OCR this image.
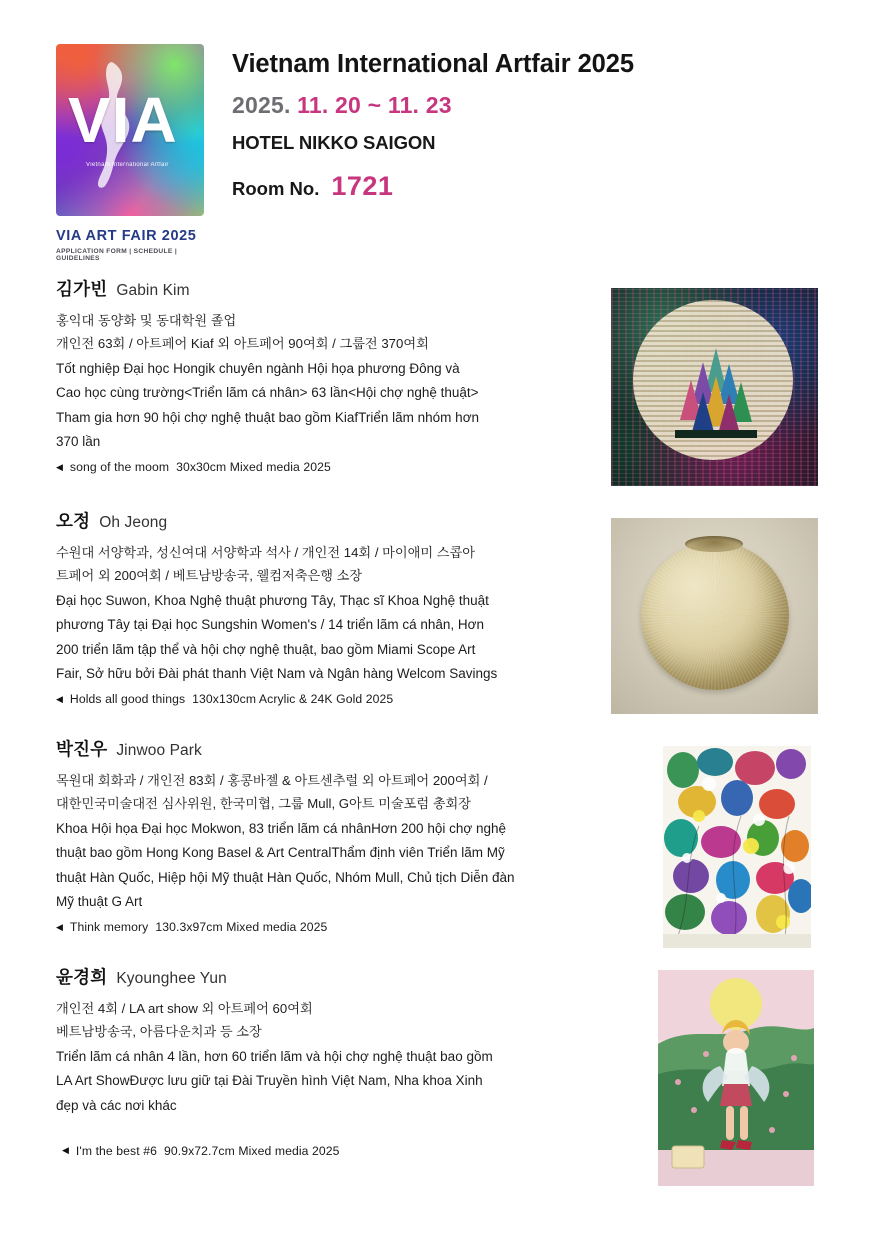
VIA
Vietnam International Artfair
VIA ART FAIR 2025
APPLICATION FORM | SCHEDULE | GUIDELINES
Vietnam International Artfair 2025
2025. 11. 20 ~ 11. 23
HOTEL NIKKO SAIGON
Room No. 1721
김가빈 Gabin Kim
홍익대 동양화 및 동대학원 졸업
개인전 63회 / 아트페어 Kiaf 외 아트페어 90여회 / 그룹전 370여회
Tốt nghiệp Đại học Hongik chuyên ngành Hội họa phương Đông và
Cao học cùng trường<Triển lãm cá nhân> 63 lần<Hội chợ nghệ thuật>
Tham gia hơn 90 hội chợ nghệ thuật bao gồm KiafTriển lãm nhóm hơn
370 lần
◀ song of the moom 30x30cm Mixed media 2025
오정 Oh Jeong
수원대 서양학과, 성신여대 서양학과 석사 / 개인전 14회 / 마이애미 스콥아
트페어 외 200여회 / 베트남방송국, 웰컴저축은행 소장
Đại học Suwon, Khoa Nghệ thuật phương Tây, Thạc sĩ Khoa Nghệ thuật
phương Tây tại Đại học Sungshin Women's / 14 triển lãm cá nhân, Hơn
200 triển lãm tập thể và hội chợ nghệ thuật, bao gồm Miami Scope Art
Fair, Sở hữu bởi Đài phát thanh Việt Nam và Ngân hàng Welcom Savings
◀ Holds all good things 130x130cm Acrylic & 24K Gold 2025
박진우 Jinwoo Park
목원대 회화과 / 개인전 83회 / 홍콩바젤 & 아트센추럴 외 아트페어 200여회 /
대한민국미술대전 심사위원, 한국미협, 그룹 Mull, G아트 미술포럼 총회장
Khoa Hội họa Đại học Mokwon, 83 triển lãm cá nhânHơn 200 hội chợ nghệ
thuật bao gồm Hong Kong Basel & Art CentralThẩm định viên Triển lãm Mỹ
thuật Hàn Quốc, Hiệp hội Mỹ thuật Hàn Quốc, Nhóm Mull, Chủ tịch Diễn đàn
Mỹ thuật G Art
◀ Think memory 130.3x97cm Mixed media 2025
윤경희 Kyounghee Yun
개인전 4회 / LA art show 외 아트페어 60여회
베트남방송국, 아름다운치과 등 소장
Triển lãm cá nhân 4 lần, hơn 60 triển lãm và hội chợ nghệ thuật bao gồm
LA Art ShowĐược lưu giữ tại Đài Truyền hình Việt Nam, Nha khoa Xinh
đẹp và các nơi khác
◀ I'm the best #6 90.9x72.7cm Mixed media 2025
